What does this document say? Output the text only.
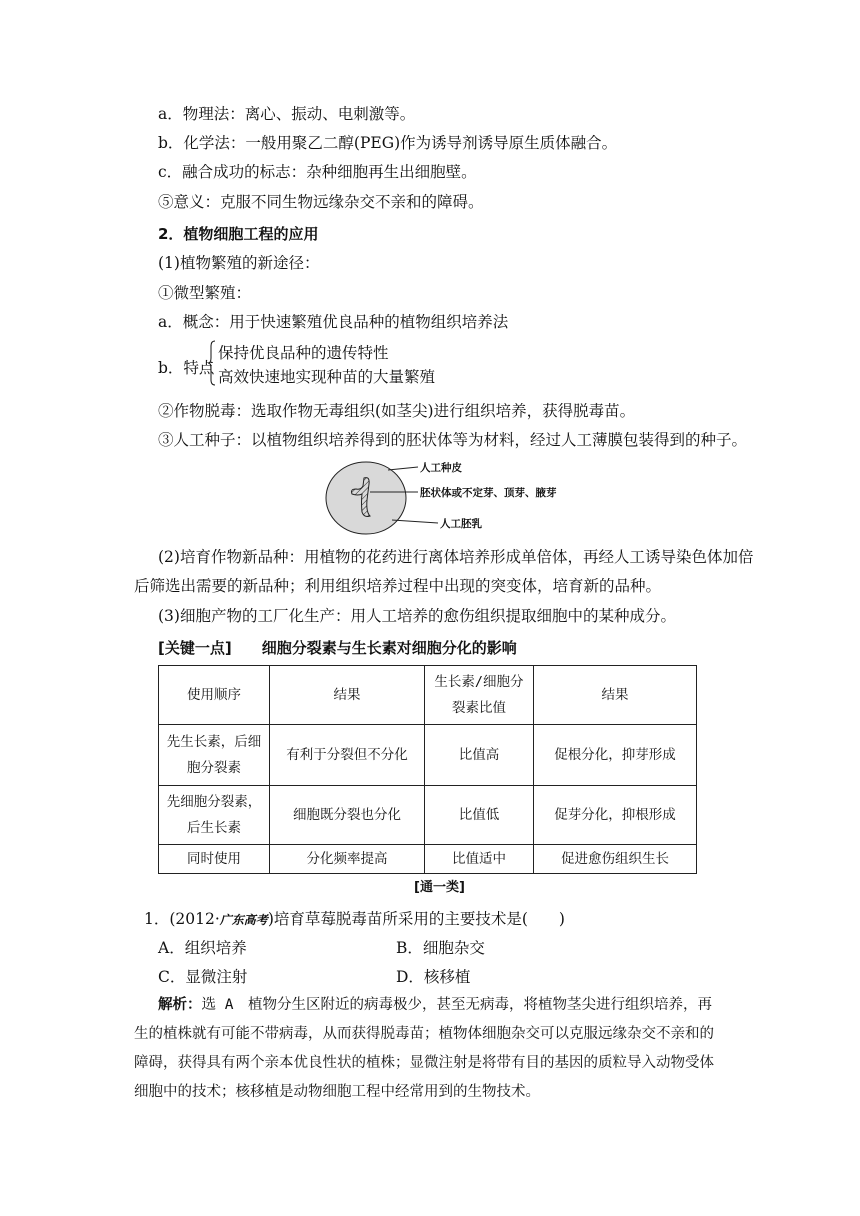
a．物理法：离心、振动、电刺激等。
b．化学法：一般用聚乙二醇(PEG)作为诱导剂诱导原生质体融合。
c．融合成功的标志：杂种细胞再生出细胞壁。
⑤意义：克服不同生物远缘杂交不亲和的障碍。
2．植物细胞工程的应用
(1)植物繁殖的新途径：
①微型繁殖：
a．概念：用于快速繁殖优良品种的植物组织培养法
b．特点
保持优良品种的遗传特性
高效快速地实现种苗的大量繁殖
②作物脱毒：选取作物无毒组织(如茎尖)进行组织培养，获得脱毒苗。
③人工种子：以植物组织培养得到的胚状体等为材料，经过人工薄膜包装得到的种子。
人工种皮
胚状体或不定芽、顶芽、腋芽
人工胚乳
(2)培育作物新品种：用植物的花药进行离体培养形成单倍体，再经人工诱导染色体加倍
后筛选出需要的新品种；利用组织培养过程中出现的突变体，培育新的品种。
(3)细胞产物的工厂化生产：用人工培养的愈伤组织提取细胞中的某种成分。
[关键一点]　　细胞分裂素与生长素对细胞分化的影响
使用顺序	结果	生长素/细胞分裂素比值	结果
先生长素，后细胞分裂素	有利于分裂但不分化	比值高	促根分化，抑芽形成
先细胞分裂素，后生长素	细胞既分裂也分化	比值低	促芽分化，抑根形成
同时使用	分化频率提高	比值适中	促进愈伤组织生长
[通一类]
1．(2012·广东高考)培育草莓脱毒苗所采用的主要技术是(　　)
A．组织培养	B．细胞杂交
C．显微注射	D．核移植
解析：选 A　植物分生区附近的病毒极少，甚至无病毒，将植物茎尖进行组织培养，再
生的植株就有可能不带病毒，从而获得脱毒苗；植物体细胞杂交可以克服远缘杂交不亲和的
障碍，获得具有两个亲本优良性状的植株；显微注射是将带有目的基因的质粒导入动物受体
细胞中的技术；核移植是动物细胞工程中经常用到的生物技术。
